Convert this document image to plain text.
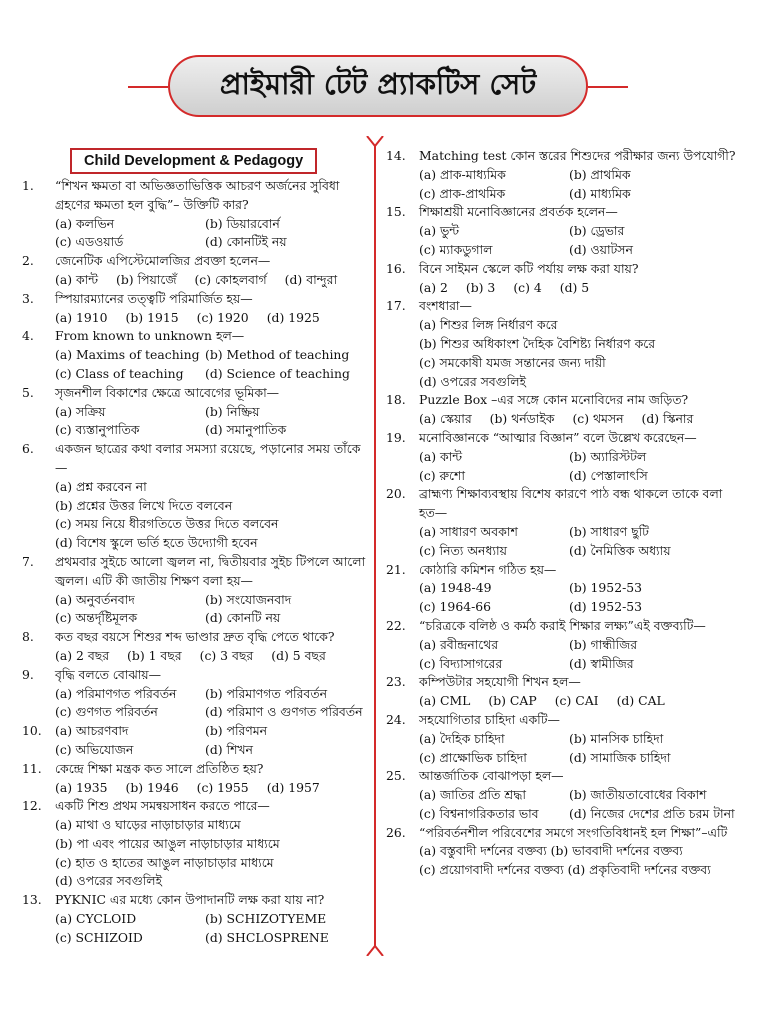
প্রাইমারী টেট প্র্যাকটিস সেট
Child Development & Pedagogy
1.	“শিখন ক্ষমতা বা অভিজ্ঞতাভিত্তিক আচরণ অর্জনের সুবিধা গ্রহণের ক্ষমতা হল বুদ্ধি”– উক্তিটি কার?
(a) কলভিন	(b) ডিয়ারবোর্ন
(c) এডওয়ার্ড	(d) কোনটিই নয়
2.	জেনেটিক এপিস্টেমোলজির প্রবক্তা হলেন—
(a) কান্ট (b) পিয়াজেঁ (c) কোহলবার্গ (d) বান্দুরা
3.	স্পিয়ারম্যানের তত্ত্বটি পরিমার্জিত হয়—
(a) 1910 (b) 1915 (c) 1920 (d) 1925
4.	From known to unknown হল—
(a) Maxims of teaching (b) Method of teaching
(c) Class of teaching	(d) Science of teaching
5.	সৃজনশীল বিকাশের ক্ষেত্রে আবেগের ভূমিকা—
(a) সক্রিয়	(b) নিষ্ক্রিয়
(c) ব্যস্তানুপাতিক	(d) সমানুপাতিক
6.	একজন ছাত্রের কথা বলার সমস্যা রয়েছে, পড়ানোর সময় তাঁকে—
(a) প্রশ্ন করবেন না
(b) প্রশ্নের উত্তর লিখে দিতে বলবেন
(c) সময় নিয়ে ধীরগতিতে উত্তর দিতে বলবেন
(d) বিশেষ স্কুলে ভর্তি হতে উদ্যোগী হবেন
7.	প্রথমবার সুইচে আলো জ্বলল না, দ্বিতীয়বার সুইচ টিপলে আলো জ্বলল। এটি কী জাতীয় শিক্ষণ বলা হয়—
(a) অনুবর্তনবাদ	(b) সংযোজনবাদ
(c) অন্তর্দৃষ্টিমূলক	(d) কোনটি নয়
8.	কত বছর বয়সে শিশুর শব্দ ভাণ্ডার দ্রুত বৃদ্ধি পেতে থাকে?
(a) 2 বছর (b) 1 বছর (c) 3 বছর (d) 5 বছর
9.	বৃদ্ধি বলতে বোঝায়—
(a) পরিমাণগত পরিবর্তন	(b) পরিমাণগত পরিবর্তন
(c) গুণগত পরিবর্তন	(d) পরিমাণ ও গুণগত পরিবর্তন
10.	(a) আচরণবাদ	(b) পরিণমন
(c) অভিযোজন	(d) শিখন
11.	কেন্দ্রে শিক্ষা মন্ত্রক কত সালে প্রতিষ্ঠিত হয়?
(a) 1935 (b) 1946 (c) 1955 (d) 1957
12.	একটি শিশু প্রথম সমন্বয়সাধন করতে পারে—
(a) মাথা ও ঘাড়ের নাড়াচাড়ার মাধ্যমে
(b) পা এবং পায়ের আঙুল নাড়াচাড়ার মাধ্যমে
(c) হাত ও হাতের আঙুল নাড়াচাড়ার মাধ্যমে
(d) ওপরের সবগুলিই
13.	PYKNIC এর মধ্যে কোন উপাদানটি লক্ষ করা যায় না?
(a) CYCLOID	(b) SCHIZOTYEME
(c) SCHIZOID	(d) SHCLOSPRENE
14.	Matching test কোন স্তরের শিশুদের পরীক্ষার জন্য উপযোগী?
(a) প্রাক-মাধ্যমিক	(b) প্রাথমিক
(c) প্রাক-প্রাথমিক	(d) মাধ্যমিক
15.	শিক্ষাশ্রয়ী মনোবিজ্ঞানের প্রবর্তক হলেন—
(a) ভুন্ট	(b) ড্রেভার
(c) ম্যাকডুগাল	(d) ওয়াটসন
16.	বিনে সাইমন স্কেলে কটি পর্যায় লক্ষ করা যায়?
(a) 2 (b) 3 (c) 4 (d) 5
17.	বংশধারা—
(a) শিশুর লিঙ্গ নির্ধারণ করে
(b) শিশুর অধিকাংশ দৈহিক বৈশিষ্ট্য নির্ধারণ করে
(c) সমকোষী যমজ সন্তানের জন্য দায়ী
(d) ওপরের সবগুলিই
18.	Puzzle Box –এর সঙ্গে কোন মনোবিদের নাম জড়িত?
(a) স্কেয়ার (b) থর্নডাইক (c) থমসন (d) স্কিনার
19.	মনোবিজ্ঞানকে “আত্মার বিজ্ঞান” বলে উল্লেখ করেছেন—
(a) কান্ট	(b) অ্যারিস্টটল
(c) রুশো	(d) পেস্তালাৎসি
20.	ব্রাহ্মণ্য শিক্ষাব্যবস্থায় বিশেষ কারণে পাঠ বন্ধ থাকলে তাকে বলা হত—
(a) সাধারণ অবকাশ	(b) সাধারণ ছুটি
(c) নিত্য অনধ্যায়	(d) নৈমিত্তিক অধ্যায়
21.	কোঠারি কমিশন গঠিত হয়—
(a) 1948-49	(b) 1952-53
(c) 1964-66	(d) 1952-53
22.	“চরিত্রকে বলিষ্ঠ ও কর্মঠ করাই শিক্ষার লক্ষ্য”এই বক্তব্যটি—
(a) রবীন্দ্রনাথের	(b) গান্ধীজির
(c) বিদ্যাসাগরের	(d) স্বামীজির
23.	কম্পিউটার সহযোগী শিখন হল—
(a) CML (b) CAP (c) CAI (d) CAL
24.	সহযোগিতার চাহিদা একটি—
(a) দৈহিক চাহিদা	(b) মানসিক চাহিদা
(c) প্রাক্ষোভিক চাহিদা	(d) সামাজিক চাহিদা
25.	আন্তর্জাতিক বোঝাপড়া হল—
(a) জাতির প্রতি শ্রদ্ধা	(b) জাতীয়তাবোধের বিকাশ
(c) বিশ্বনাগরিকতার ভাব	(d) নিজের দেশের প্রতি চরম টানা
26.	“পরিবর্তনশীল পরিবেশের সমগে সংগতিবিধানই হল শিক্ষা”–এটি
(a) বস্তুবাদী দর্শনের বক্তব্য (b) ভাববাদী দর্শনের বক্তব্য
(c) প্রয়োগবাদী দর্শনের বক্তব্য (d) প্রকৃতিবাদী দর্শনের বক্তব্য
